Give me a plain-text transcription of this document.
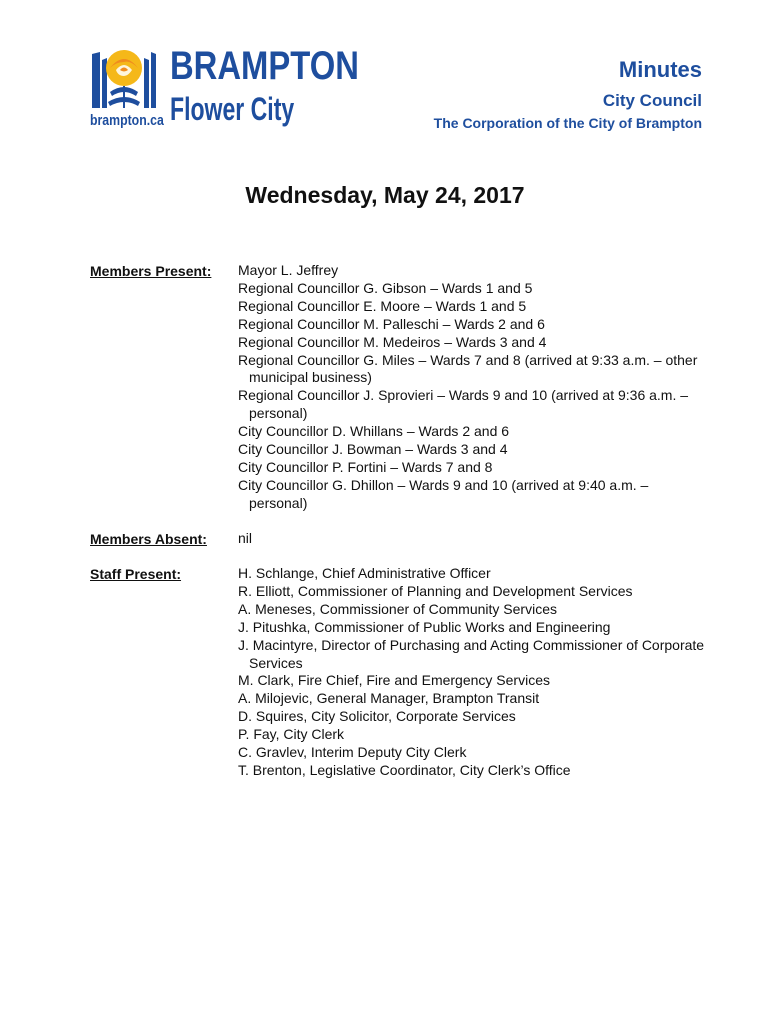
BRAMPTON
Flower City
brampton.ca
Minutes
City Council
The Corporation of the City of Brampton
Wednesday, May 24, 2017
Members Present: Mayor L. Jeffrey
Regional Councillor G. Gibson – Wards 1 and 5
Regional Councillor E. Moore – Wards 1 and 5
Regional Councillor M. Palleschi – Wards 2 and 6
Regional Councillor M. Medeiros – Wards 3 and 4
Regional Councillor G. Miles – Wards 7 and 8 (arrived at 9:33 a.m. – other municipal business)
Regional Councillor J. Sprovieri – Wards 9 and 10 (arrived at 9:36 a.m. – personal)
City Councillor D. Whillans – Wards 2 and 6
City Councillor J. Bowman – Wards 3 and 4
City Councillor P. Fortini – Wards 7 and 8
City Councillor G. Dhillon – Wards 9 and 10 (arrived at 9:40 a.m. – personal)
Members Absent: nil
Staff Present:	H. Schlange, Chief Administrative Officer
R. Elliott, Commissioner of Planning and Development Services
A. Meneses, Commissioner of Community Services
J. Pitushka, Commissioner of Public Works and Engineering
J. Macintyre, Director of Purchasing and Acting Commissioner of Corporate Services
M. Clark, Fire Chief, Fire and Emergency Services
A. Milojevic, General Manager, Brampton Transit
D. Squires, City Solicitor, Corporate Services
P. Fay, City Clerk
C. Gravlev, Interim Deputy City Clerk
T. Brenton, Legislative Coordinator, City Clerk’s Office
